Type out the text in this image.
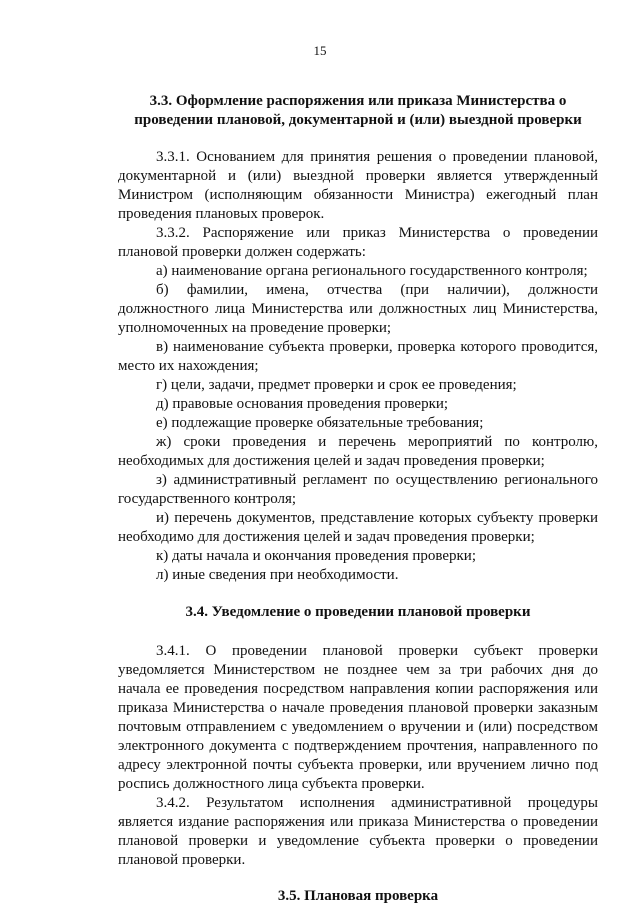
15

3.3. Оформление распоряжения или приказа Министерства о проведении плановой, документарной и (или) выездной проверки

3.3.1. Основанием для принятия решения о проведении плановой, документарной и (или) выездной проверки является утвержденный Министром (исполняющим обязанности Министра) ежегодный план проведения плановых проверок.

3.3.2. Распоряжение или приказ Министерства о проведении плановой проверки должен содержать:

а) наименование органа регионального государственного контроля;

б) фамилии, имена, отчества (при наличии), должности должностного лица Министерства или должностных лиц Министерства, уполномоченных на проведение проверки;

в) наименование субъекта проверки, проверка которого проводится, место их нахождения;

г) цели, задачи, предмет проверки и срок ее проведения;

д) правовые основания проведения проверки;

е) подлежащие проверке обязательные требования;

ж) сроки проведения и перечень мероприятий по контролю, необходимых для достижения целей и задач проведения проверки;

з) административный регламент по осуществлению регионального государственного контроля;

и) перечень документов, представление которых субъекту проверки необходимо для достижения целей и задач проведения проверки;

к) даты начала и окончания проведения проверки;

л) иные сведения при необходимости.

3.4. Уведомление о проведении плановой проверки

3.4.1. О проведении плановой проверки субъект проверки уведомляется Министерством не позднее чем за три рабочих дня до начала ее проведения посредством направления копии распоряжения или приказа Министерства о начале проведения плановой проверки заказным почтовым отправлением с уведомлением о вручении и (или) посредством электронного документа с подтверждением прочтения, направленного по адресу электронной почты субъекта проверки, или вручением лично под роспись должностного лица субъекта проверки.

3.4.2. Результатом исполнения административной процедуры является издание распоряжения или приказа Министерства о проведении плановой проверки и уведомление субъекта проверки о проведении плановой проверки.

3.5. Плановая проверка
